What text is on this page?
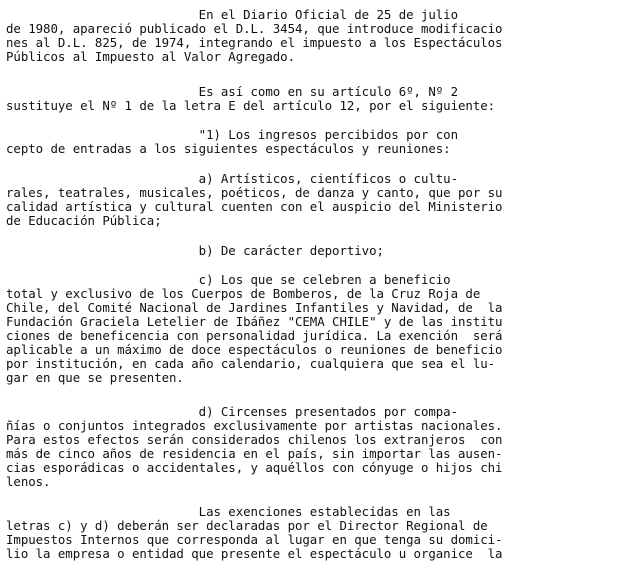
En el Diario Oficial de 25 de julio
de 1980, apareció publicado el D.L. 3454, que introduce modificacio
nes al D.L. 825, de 1974, integrando el impuesto a los Espectáculos
Públicos al Impuesto al Valor Agregado.
Es así como en su artículo 6º, Nº 2
sustituye el Nº 1 de la letra E del artículo 12, por el siguiente:
"1) Los ingresos percibidos por con
cepto de entradas a los siguientes espectáculos y reuniones:
a) Artísticos, científicos o cultu-
rales, teatrales, musicales, poéticos, de danza y canto, que por su
calidad artística y cultural cuenten con el auspicio del Ministerio
de Educación Pública;
b) De carácter deportivo;
c) Los que se celebren a beneficio
total y exclusivo de los Cuerpos de Bomberos, de la Cruz Roja de
Chile, del Comité Nacional de Jardines Infantiles y Navidad, de  la
Fundación Graciela Letelier de Ibáñez "CEMA CHILE" y de las institu
ciones de beneficencia con personalidad jurídica. La exención  será
aplicable a un máximo de doce espectáculos o reuniones de beneficio
por institución, en cada año calendario, cualquiera que sea el lu-
gar en que se presenten.
d) Circenses presentados por compa-
ñías o conjuntos integrados exclusivamente por artistas nacionales.
Para estos efectos serán considerados chilenos los extranjeros  con
más de cinco años de residencia en el país, sin importar las ausen-
cias esporádicas o accidentales, y aquéllos con cónyuge o hijos chi
lenos.
Las exenciones establecidas en las
letras c) y d) deberán ser declaradas por el Director Regional de
Impuestos Internos que corresponda al lugar en que tenga su domici-
lio la empresa o entidad que presente el espectáculo u organice  la
